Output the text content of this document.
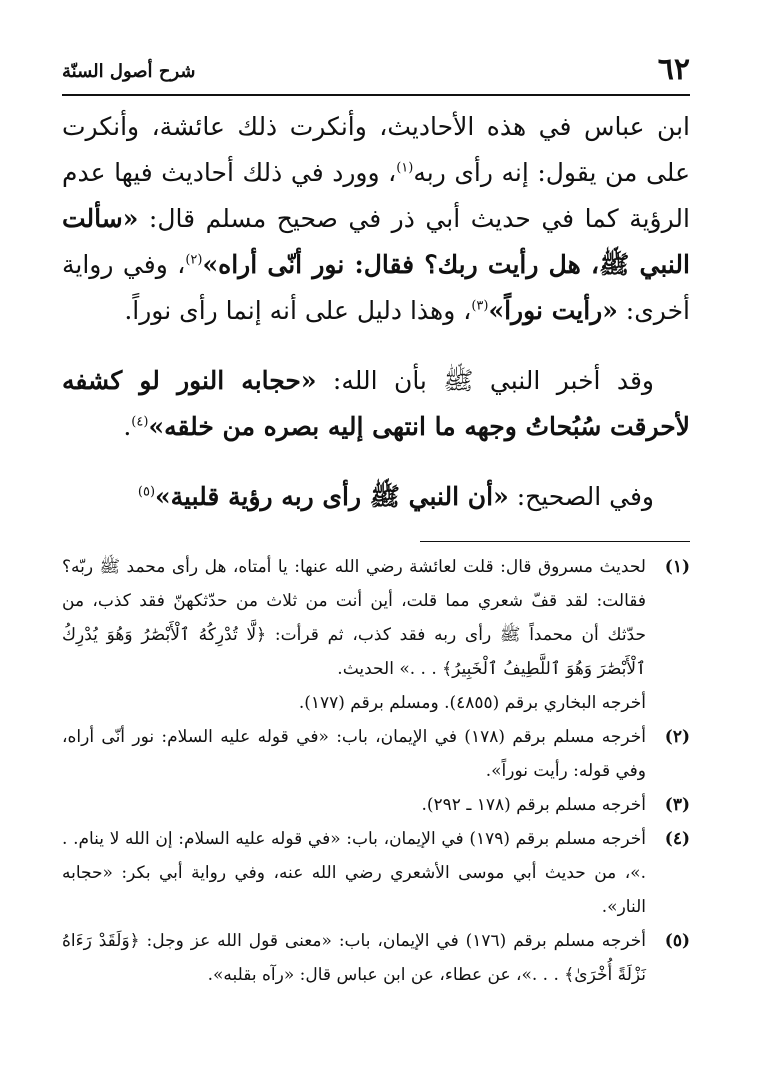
شرح أصول السنّة	٦٢

ابن عباس في هذه الأحاديث، وأنكرت ذلك عائشة، وأنكرت على من يقول: إنه رأى ربه$^{(١)}$، وورد في ذلك أحاديث فيها عدم الرؤية كما في حديث أبي ذر في صحيح مسلم قال: «سألت النبي ﷺ، هل رأيت ربك؟ فقال: نور أنّى أراه»$^{(٢)}$، وفي رواية أخرى: «رأيت نوراً»$^{(٣)}$، وهذا دليل على أنه إنما رأى نوراً.

وقد أخبر النبي ﷺ بأن الله: «حجابه النور لو كشفه لأحرقت سُبُحاتُ وجهه ما انتهى إليه بصره من خلقه»$^{(٤)}$.

وفي الصحيح: «أن النبي ﷺ رأى ربه رؤية قلبية»$^{(٥)}$

(١)

لحديث مسروق قال: قلت لعائشة رضي الله عنها: يا أمتاه، هل رأى محمد ﷺ ربّه؟ فقالت: لقد قفّ شعري مما قلت، أين أنت من ثلاث من حدّثكهنّ فقد كذب، من حدّثك أن محمداً ﷺ رأى ربه فقد كذب، ثم قرأت: ﴿لَّا تُدْرِكُهُ ٱلْأَبْصَٰرُ وَهُوَ يُدْرِكُ ٱلْأَبْصَٰرَ وَهُوَ ٱللَّطِيفُ ٱلْخَبِيرُ﴾ . . .» الحديث.

أخرجه البخاري برقم (٤٨٥٥). ومسلم برقم (١٧٧).

(٢)

أخرجه مسلم برقم (١٧٨) في الإيمان، باب: «في قوله عليه السلام: نور أنّى أراه، وفي قوله: رأيت نوراً».

(٣)

أخرجه مسلم برقم (١٧٨ ـ ٢٩٢).

(٤)

أخرجه مسلم برقم (١٧٩) في الإيمان، باب: «في قوله عليه السلام: إن الله لا ينام. . .»، من حديث أبي موسى الأشعري رضي الله عنه، وفي رواية أبي بكر: «حجابه النار».

(٥)

أخرجه مسلم برقم (١٧٦) في الإيمان، باب: «معنى قول الله عز وجل: ﴿وَلَقَدْ رَءَاهُ نَزْلَةً أُخْرَىٰ﴾ . . .»، عن عطاء، عن ابن عباس قال: «رآه بقلبه».
